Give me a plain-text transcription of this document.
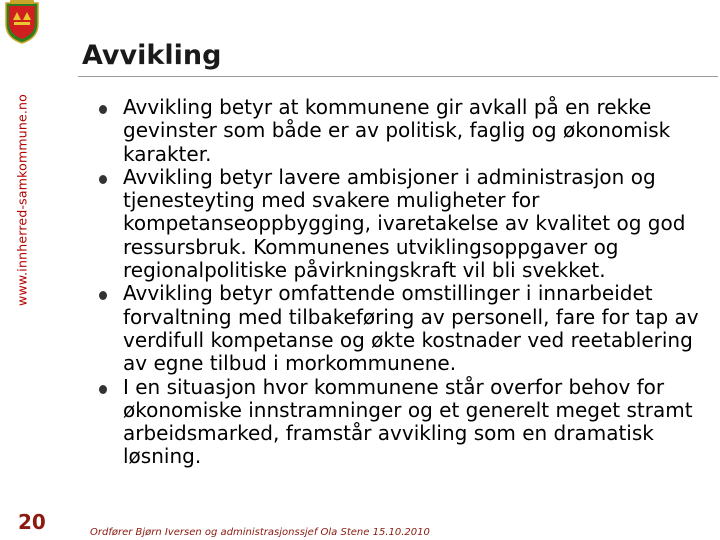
www.innherred-samkommune.no
20
Avvikling
Avvikling betyr at kommunene gir avkall på en rekke gevinster som både er av politisk, faglig og økonomisk karakter.
Avvikling betyr lavere ambisjoner i administrasjon og tjenesteyting med svakere muligheter for kompetanseoppbygging, ivaretakelse av kvalitet og god ressursbruk. Kommunenes utviklingsoppgaver og regionalpolitiske påvirkningskraft vil bli svekket.
Avvikling betyr omfattende omstillinger i innarbeidet forvaltning med tilbakeføring av personell, fare for tap av verdifull kompetanse og økte kostnader ved reetablering av egne tilbud i morkommunene.
I en situasjon hvor kommunene står overfor behov for økonomiske innstramninger og et generelt meget stramt arbeidsmarked, framstår avvikling som en dramatisk løsning.
Ordfører Bjørn Iversen og administrasjonssjef Ola Stene 15.10.2010
